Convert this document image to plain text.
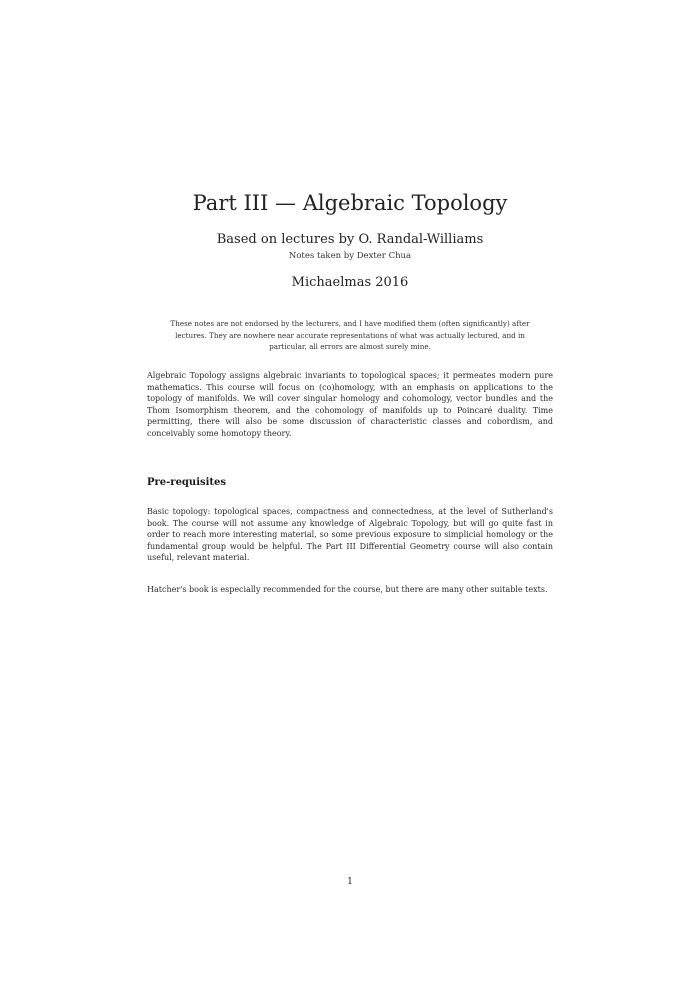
Part III — Algebraic Topology
Based on lectures by O. Randal-Williams
Notes taken by Dexter Chua
Michaelmas 2016
These notes are not endorsed by the lecturers, and I have modified them (often significantly) after lectures. They are nowhere near accurate representations of what was actually lectured, and in particular, all errors are almost surely mine.

Algebraic Topology assigns algebraic invariants to topological spaces; it permeates modern pure mathematics. This course will focus on (co)homology, with an emphasis on applications to the topology of manifolds. We will cover singular homology and cohomology, vector bundles and the Thom Isomorphism theorem, and the cohomology of manifolds up to Poincaré duality. Time permitting, there will also be some discussion of characteristic classes and cobordism, and conceivably some homotopy theory.

Pre-requisites

Basic topology: topological spaces, compactness and connectedness, at the level of Sutherland's book. The course will not assume any knowledge of Algebraic Topology, but will go quite fast in order to reach more interesting material, so some previous exposure to simplicial homology or the fundamental group would be helpful. The Part III Differential Geometry course will also contain useful, relevant material.

Hatcher's book is especially recommended for the course, but there are many other suitable texts.

1
